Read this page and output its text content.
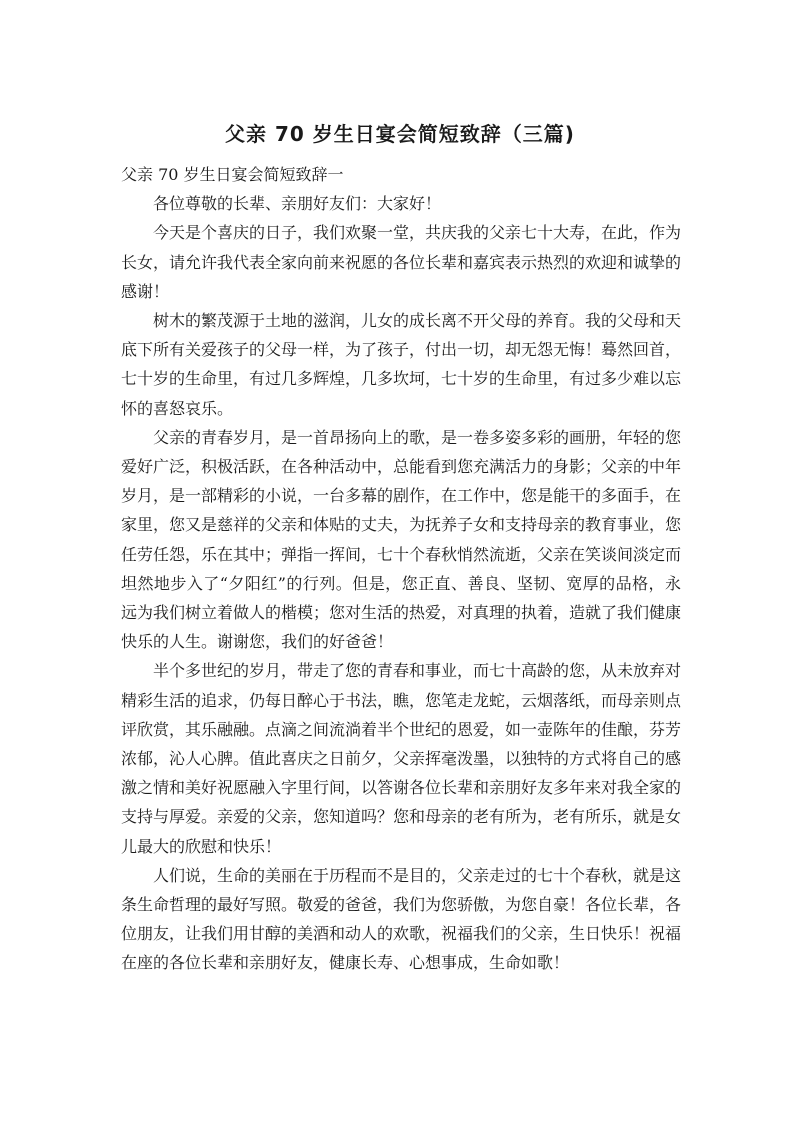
父亲 70 岁生日宴会简短致辞（三篇)

父亲 70 岁生日宴会简短致辞一

各位尊敬的长辈、亲朋好友们：大家好！

今天是个喜庆的日子，我们欢聚一堂，共庆我的父亲七十大寿，在此，作为长女，请允许我代表全家向前来祝愿的各位长辈和嘉宾表示热烈的欢迎和诚挚的感谢！

树木的繁茂源于土地的滋润，儿女的成长离不开父母的养育。我的父母和天底下所有关爱孩子的父母一样，为了孩子，付出一切，却无怨无悔！蓦然回首，七十岁的生命里，有过几多辉煌，几多坎坷，七十岁的生命里，有过多少难以忘怀的喜怒哀乐。

父亲的青春岁月，是一首昂扬向上的歌，是一卷多姿多彩的画册，年轻的您爱好广泛，积极活跃，在各种活动中，总能看到您充满活力的身影；父亲的中年岁月，是一部精彩的小说，一台多幕的剧作，在工作中，您是能干的多面手，在家里，您又是慈祥的父亲和体贴的丈夫，为抚养子女和支持母亲的教育事业，您任劳任怨，乐在其中；弹指一挥间，七十个春秋悄然流逝，父亲在笑谈间淡定而坦然地步入了“夕阳红”的行列。但是，您正直、善良、坚韧、宽厚的品格，永远为我们树立着做人的楷模；您对生活的热爱，对真理的执着，造就了我们健康快乐的人生。谢谢您，我们的好爸爸！

半个多世纪的岁月，带走了您的青春和事业，而七十高龄的您，从未放弃对精彩生活的追求，仍每日醉心于书法，瞧，您笔走龙蛇，云烟落纸，而母亲则点评欣赏，其乐融融。点滴之间流淌着半个世纪的恩爱，如一壶陈年的佳酿，芬芳浓郁，沁人心脾。值此喜庆之日前夕，父亲挥毫泼墨，以独特的方式将自己的感激之情和美好祝愿融入字里行间，以答谢各位长辈和亲朋好友多年来对我全家的支持与厚爱。亲爱的父亲，您知道吗？您和母亲的老有所为，老有所乐，就是女儿最大的欣慰和快乐！

人们说，生命的美丽在于历程而不是目的，父亲走过的七十个春秋，就是这条生命哲理的最好写照。敬爱的爸爸，我们为您骄傲，为您自豪！各位长辈，各位朋友，让我们用甘醇的美酒和动人的欢歌，祝福我们的父亲，生日快乐！祝福在座的各位长辈和亲朋好友，健康长寿、心想事成，生命如歌！
